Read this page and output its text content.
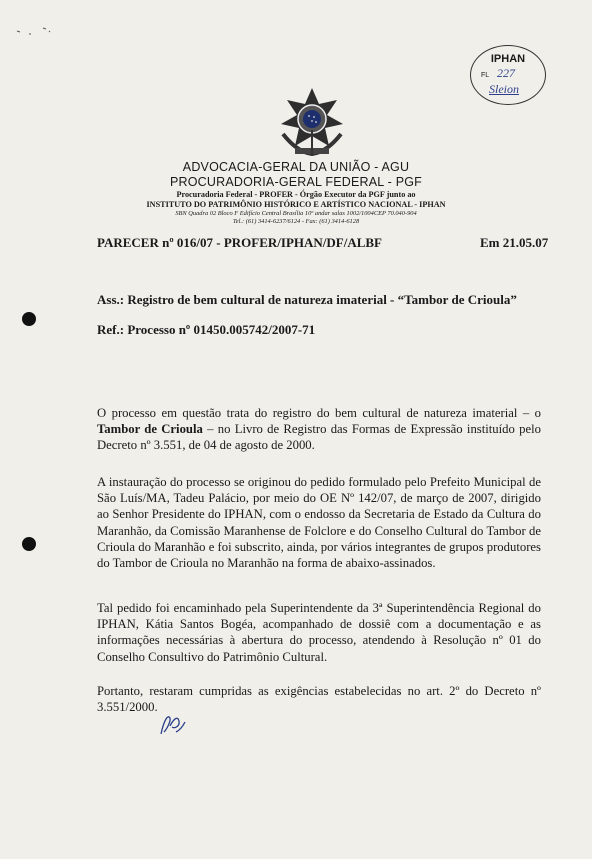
IPHAN
FL 227
Sleion
ADVOCACIA-GERAL DA UNIÃO - AGU
PROCURADORIA-GERAL FEDERAL - PGF
Procuradoria Federal - PROFER - Órgão Executor da PGF junto ao
INSTITUTO DO PATRIMÔNIO HISTÓRICO E ARTÍSTICO NACIONAL - IPHAN
SBN Quadra 02 Bloco F Edifício Central Brasília 10º andar salas 1002/1004CEP 70.040-904
Tel.: (61) 3414-6237/6124 - Fax: (61) 3414-6128
PARECER nº 016/07 - PROFER/IPHAN/DF/ALBF	Em 21.05.07
Ass.: Registro de bem cultural de natureza imaterial - “Tambor de Crioula”
Ref.: Processo nº 01450.005742/2007-71
O processo em questão trata do registro do bem cultural de natureza imaterial – o Tambor de Crioula – no Livro de Registro das Formas de Expressão instituído pelo Decreto nº 3.551, de 04 de agosto de 2000.
A instauração do processo se originou do pedido formulado pelo Prefeito Municipal de São Luís/MA, Tadeu Palácio, por meio do OE Nº 142/07, de março de 2007, dirigido ao Senhor Presidente do IPHAN, com o endosso da Secretaria de Estado da Cultura do Maranhão, da Comissão Maranhense de Folclore e do Conselho Cultural do Tambor de Crioula do Maranhão e foi subscrito, ainda, por vários integrantes de grupos produtores do Tambor de Crioula no Maranhão na forma de abaixo-assinados.
Tal pedido foi encaminhado pela Superintendente da 3ª Superintendência Regional do IPHAN, Kátia Santos Bogéa, acompanhado de dossiê com a documentação e as informações necessárias à abertura do processo, atendendo à Resolução nº 01 do Conselho Consultivo do Patrimônio Cultural.
Portanto, restaram cumpridas as exigências estabelecidas no art. 2º do Decreto nº 3.551/2000.
